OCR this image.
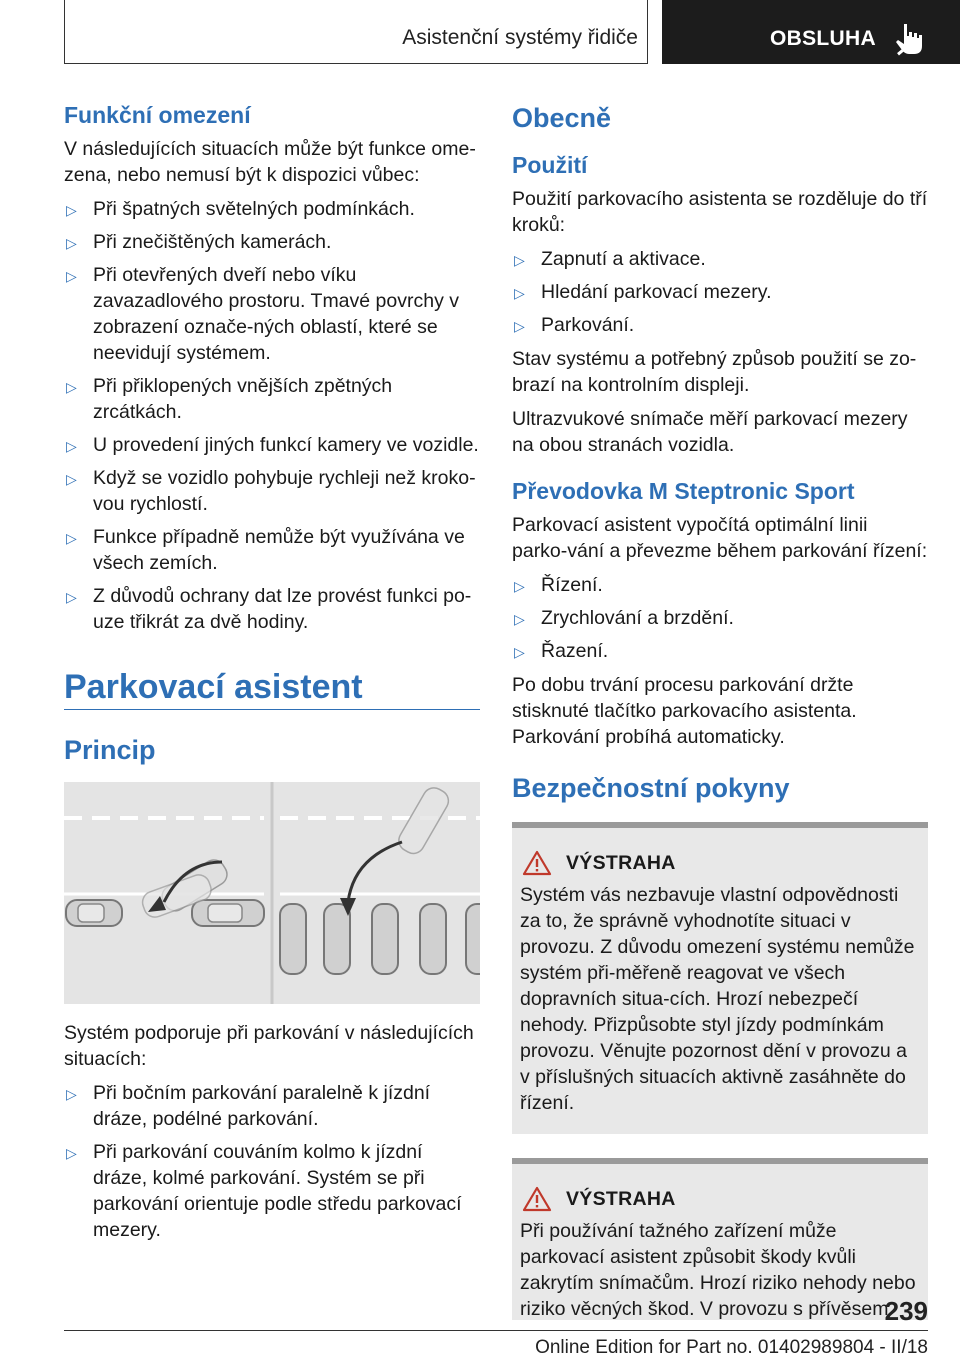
Asistenční systémy řidiče	OBSLUHA
Funkční omezení

V následujících situacích může být funkce ome-zena, nebo nemusí být k dispozici vůbec:

▷ Při špatných světelných podmínkách.
▷ Při znečištěných kamerách.
▷ Při otevřených dveří nebo víku zavazadlového prostoru. Tmavé povrchy v zobrazení označe-ných oblastí, které se neevidují systémem.
▷ Při přiklopených vnějších zpětných zrcátkách.
▷ U provedení jiných funkcí kamery ve vozidle.
▷ Když se vozidlo pohybuje rychleji než kroko-vou rychlostí.
▷ Funkce případně nemůže být využívána ve všech zemích.
▷ Z důvodů ochrany dat lze provést funkci po-uze třikrát za dvě hodiny.
Parkovací asistent
Princip

Systém podporuje při parkování v následujících situacích:

▷ Při bočním parkování paralelně k jízdní dráze, podélné parkování.
▷ Při parkování couváním kolmo k jízdní dráze, kolmé parkování. Systém se při parkování orientuje podle středu parkovací mezery.
Obecně
Použití

Použití parkovacího asistenta se rozděluje do tří kroků:

▷ Zapnutí a aktivace.
▷ Hledání parkovací mezery.
▷ Parkování.

Stav systému a potřebný způsob použití se zo-brazí na kontrolním displeji.

Ultrazvukové snímače měří parkovací mezery na obou stranách vozidla.

Převodovka M Steptronic Sport

Parkovací asistent vypočítá optimální linii parko-vání a převezme během parkování řízení:

▷ Řízení.
▷ Zrychlování a brzdění.
▷ Řazení.

Po dobu trvání procesu parkování držte stisknuté tlačítko parkovacího asistenta. Parkování probíhá automaticky.

Bezpečnostní pokyny
VÝSTRAHA

Systém vás nezbavuje vlastní odpovědnosti za to, že správně vyhodnotíte situaci v provozu. Z důvodu omezení systému nemůže systém při-měřeně reagovat ve všech dopravních situa-cích. Hrozí nebezpečí nehody. Přizpůsobte styl jízdy podmínkám provozu. Věnujte pozornost dění v provozu a v příslušných situacích aktivně zasáhněte do řízení.

VÝSTRAHA

Při používání tažného zařízení může parkovací asistent způsobit škody kvůli zakrytím snímačům. Hrozí riziko nehody nebo riziko věcných škod. V provozu s přívěsem

239
Online Edition for Part no. 01402989804 - II/18
